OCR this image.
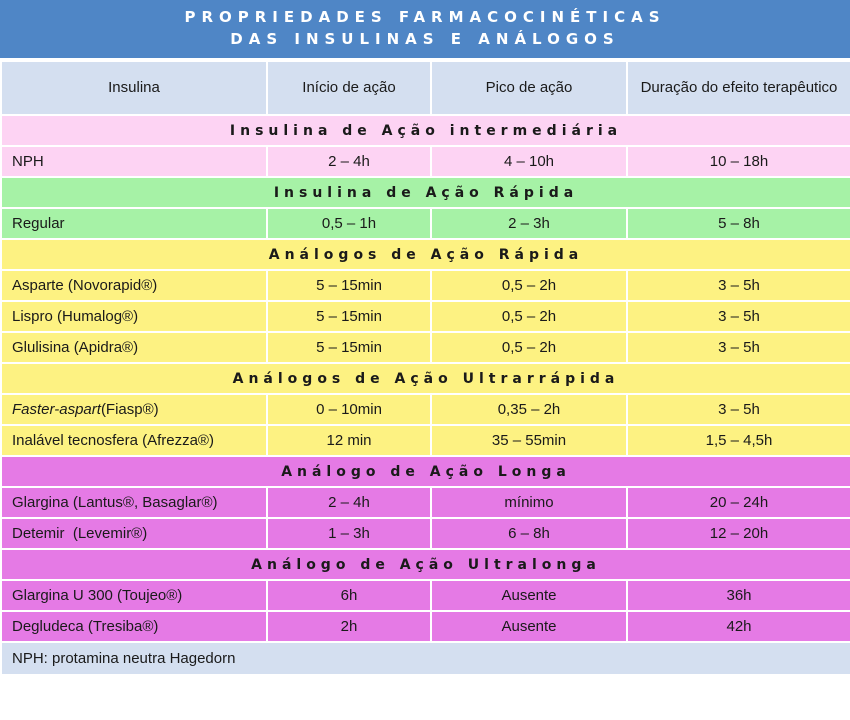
PROPRIEDADES FARMACOCINÉTICAS
DAS INSULINAS E ANÁLOGOS
Insulina	Início de ação	Pico de ação	Duração do efeito terapêutico
Insulina de Ação intermediária			
NPH	2 – 4h	4 – 10h	10 – 18h
Insulina de Ação Rápida			
Regular	0,5 – 1h	2 – 3h	5 – 8h
Análogos de Ação Rápida			
Asparte (Novorapid®)	5 – 15min	0,5 – 2h	3 – 5h
Lispro (Humalog®)	5 – 15min	0,5 – 2h	3 – 5h
Glulisina (Apidra®)	5 – 15min	0,5 – 2h	3 – 5h
Análogos de Ação Ultrarrápida			
Faster-aspart(Fiasp®)	0 – 10min	0,35 – 2h	3 – 5h
Inalável tecnosfera (Afrezza®)	12 min	35 – 55min	1,5 – 4,5h
Análogo de Ação Longa			
Glargina (Lantus®, Basaglar®)	2 – 4h	mínimo	20 – 24h
Detemir  (Levemir®)	1 – 3h	6 – 8h	12 – 20h
Análogo de Ação Ultralonga			
Glargina U 300 (Toujeo®)	6h	Ausente	36h
Degludeca (Tresiba®)	2h	Ausente	42h
NPH: protamina neutra Hagedorn			
